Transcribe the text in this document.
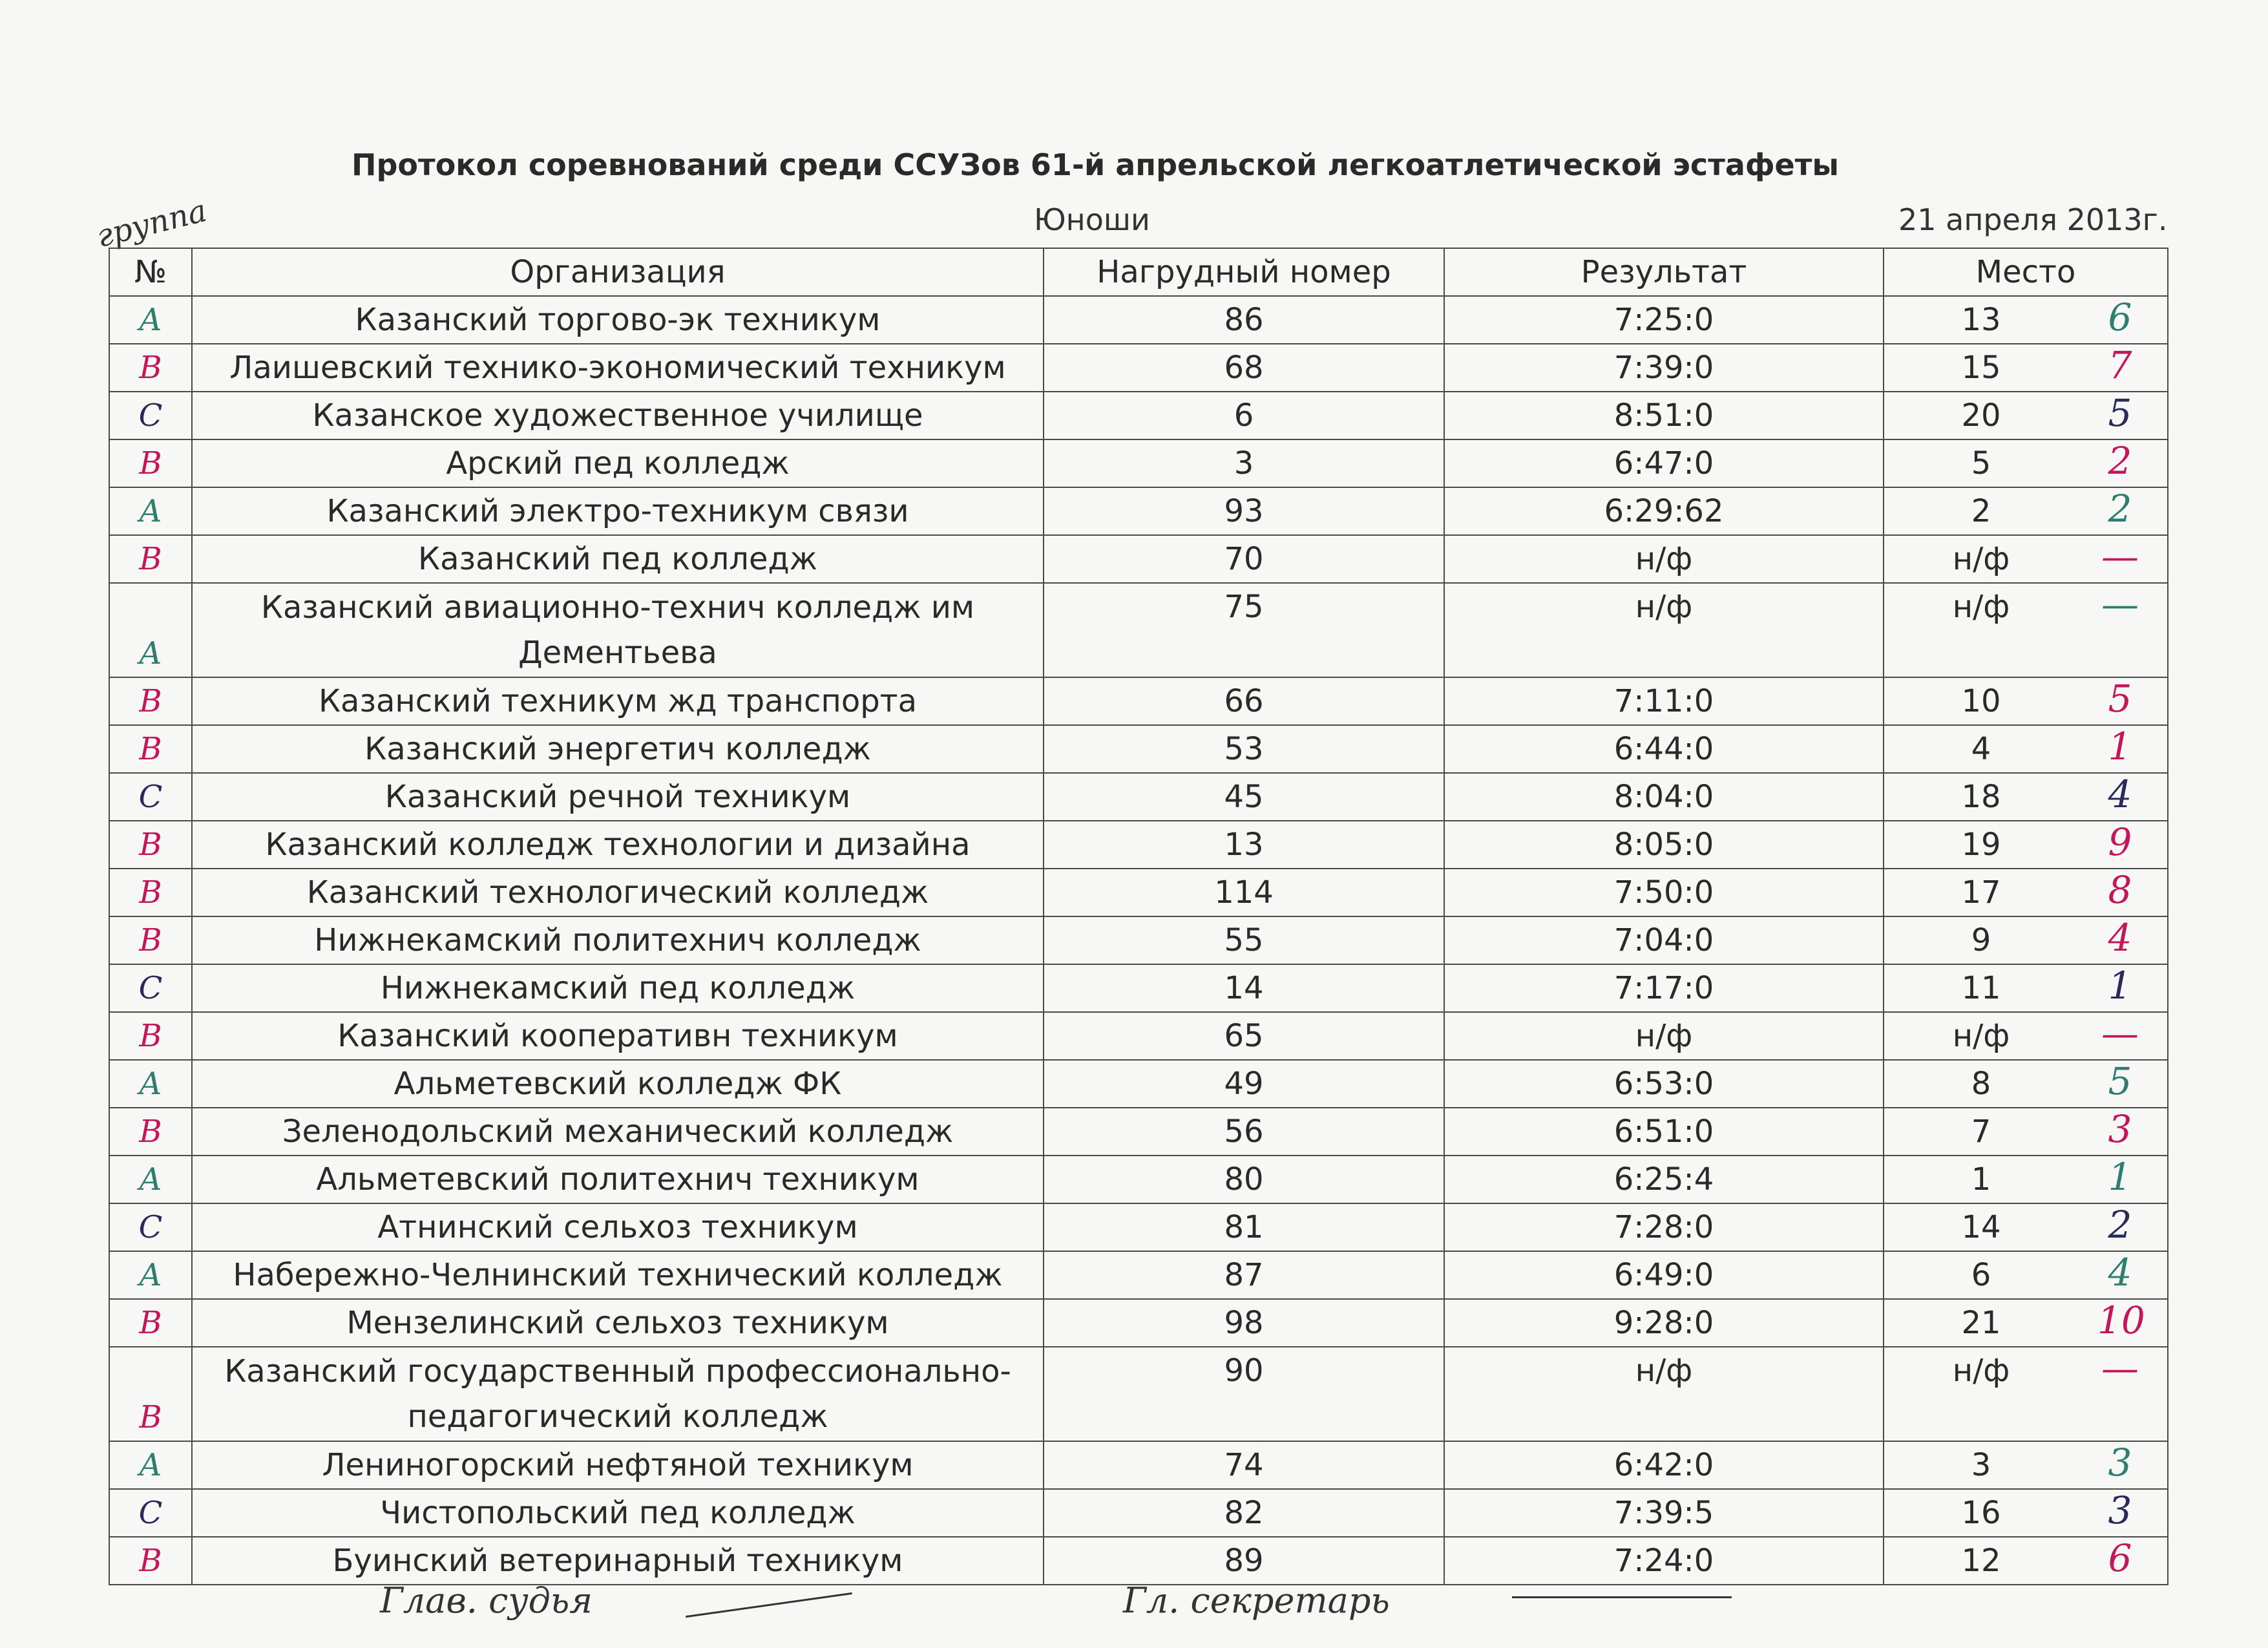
Протокол соревнований среди ССУЗов 61-й апрельской легкоатлетической эстафеты
группа	Юноши	21 апреля 2013г.
№	Организация	Нагрудный номер	Результат	Место
A	Казанский торгово-эк техникум	86	7:25:0	13 6

B	Лаишевский технико-экономический техникум	68	7:39:0	15 7

C	Казанское художественное училище	6	8:51:0	20 5

B	Арский пед колледж	3	6:47:0	5 2

A	Казанский электро-техникум связи	93	6:29:62	2 2

B	Казанский пед колледж	70	н/ф	н/ф —

A	Казанский авиационно-технич колледж им Дементьева	75	н/ф	н/ф —

B	Казанский техникум жд транспорта	66	7:11:0	10 5

B	Казанский энергетич колледж	53	6:44:0	4 1

C	Казанский речной техникум	45	8:04:0	18 4

B	Казанский колледж технологии и дизайна	13	8:05:0	19 9

B	Казанский технологический колледж	114	7:50:0	17 8

B	Нижнекамский политехнич колледж	55	7:04:0	9 4

C	Нижнекамский пед колледж	14	7:17:0	11 1

B	Казанский кооперативн техникум	65	н/ф	н/ф —

A	Альметевский колледж ФК	49	6:53:0	8 5

B	Зеленодольский механический колледж	56	6:51:0	7 3

A	Альметевский политехнич техникум	80	6:25:4	1 1

C	Атнинский сельхоз техникум	81	7:28:0	14 2

A	Набережно-Челнинский технический колледж	87	6:49:0	6 4

B	Мензелинский сельхоз техникум	98	9:28:0	21 10

B	Казанский государственный профессионально-педагогический колледж	90	н/ф	н/ф —

A	Лениногорский нефтяной техникум	74	6:42:0	3 3

C	Чистопольский пед колледж	82	7:39:5	16 3

B	Буинский ветеринарный техникум	89	7:24:0	12 6
Глав. судья	Гл. секретарь
